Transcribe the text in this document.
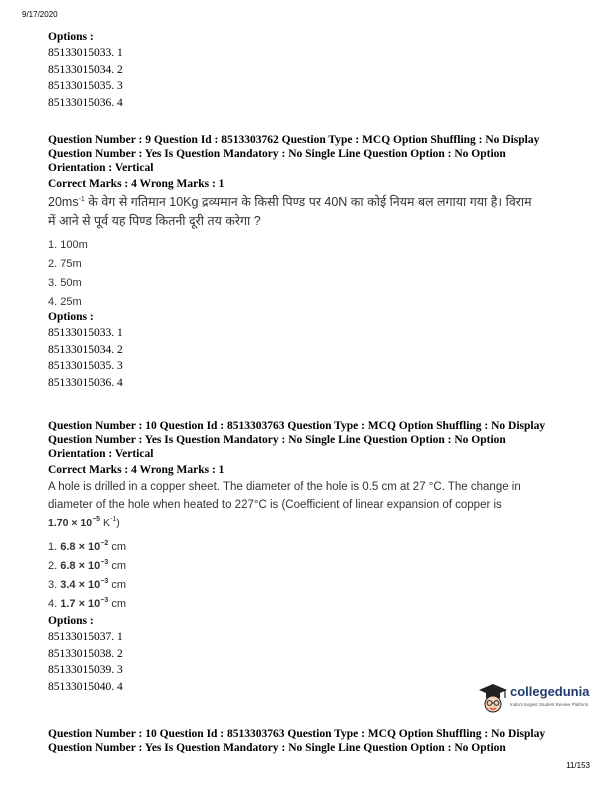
9/17/2020
Options :
85133015033. 1
85133015034. 2
85133015035. 3
85133015036. 4
Question Number : 9 Question Id : 8513303762 Question Type : MCQ Option Shuffling : No Display
Question Number : Yes Is Question Mandatory : No Single Line Question Option : No Option
Orientation : Vertical
Correct Marks : 4 Wrong Marks : 1
$20ms^{-1}$ के वेग से गतिमान 10Kg द्रव्यमान के किसी पिण्ड पर 40N का कोई नियम बल लगाया गया है। विराम
में आने से पूर्व यह पिण्ड कितनी दूरी तय करेगा ?
1. 100m
2. 75m
3. 50m
4. 25m
Options :
85133015033. 1
85133015034. 2
85133015035. 3
85133015036. 4
Question Number : 10 Question Id : 8513303763 Question Type : MCQ Option Shuffling : No Display
Question Number : Yes Is Question Mandatory : No Single Line Question Option : No Option
Orientation : Vertical
Correct Marks : 4 Wrong Marks : 1
A hole is drilled in a copper sheet. The diameter of the hole is 0.5 cm at 27 °C. The change in
diameter of the hole when heated to 227°C is (Coefficient of linear expansion of copper is
$1.70 \times 10^{-5}$ $K^{-1}$)
1. $6.8 \times 10^{-2}$ cm
2. $6.8 \times 10^{-3}$ cm
3. $3.4 \times 10^{-3}$ cm
4. $1.7 \times 10^{-3}$ cm
Options :
85133015037. 1
85133015038. 2
85133015039. 3
85133015040. 4	collegedunia
India's largest Student Review Platform
Question Number : 10 Question Id : 8513303763 Question Type : MCQ Option Shuffling : No Display
Question Number : Yes Is Question Mandatory : No Single Line Question Option : No Option
11/153
